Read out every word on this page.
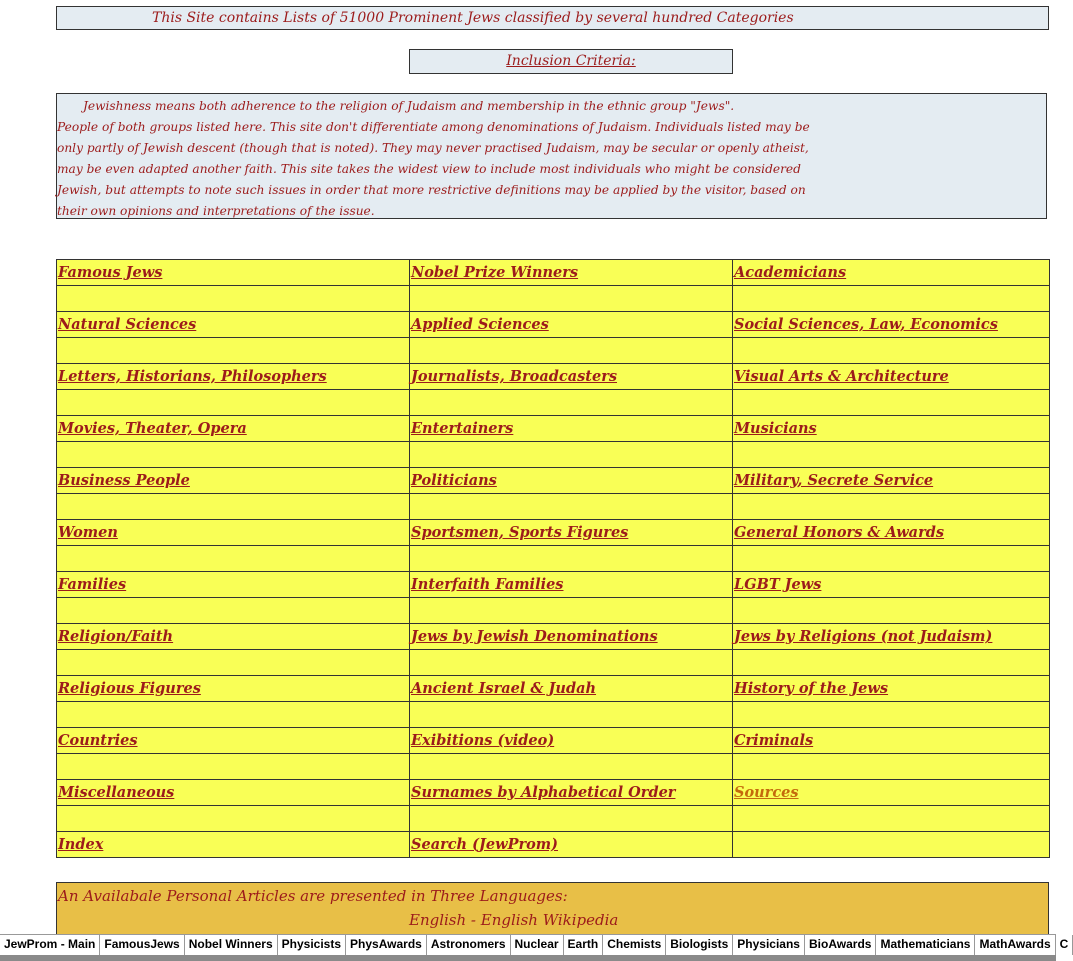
This Site contains Lists of 51000 Prominent Jews classified by several hundred Categories
Inclusion Criteria:
Jewishness means both adherence to the religion of Judaism and membership in the ethnic group "Jews".
People of both groups listed here. This site don't differentiate among denominations of Judaism. Individuals listed may be
only partly of Jewish descent (though that is noted). They may never practised Judaism, may be secular or openly atheist,
may be even adapted another faith. This site takes the widest view to include most individuals who might be considered
Jewish, but attempts to note such issues in order that more restrictive definitions may be applied by the visitor, based on
their own opinions and interpretations of the issue.
Famous Jews	Nobel Prize Winners	Academicians

Natural Sciences	Applied Sciences	Social Sciences, Law, Economics

Letters, Historians, Philosophers	Journalists, Broadcasters	Visual Arts & Architecture

Movies, Theater, Opera	Entertainers	Musicians

Business People	Politicians	Military, Secrete Service

Women	Sportsmen, Sports Figures	General Honors & Awards

Families	Interfaith Families	LGBT Jews

Religion/Faith	Jews by Jewish Denominations	Jews by Religions (not Judaism)

Religious Figures	Ancient Israel & Judah	History of the Jews

Countries	Exibitions (video)	Criminals

Miscellaneous	Surnames by Alphabetical Order	Sources

Index	Search (JewProm)	
An Availabale Personal Articles are presented in Three Languages:
English - English Wikipedia
JewProm - Main FamousJews Nobel Winners Physicists PhysAwards Astronomers Nuclear Earth Chemists Biologists Physicians BioAwards Mathematicians MathAwards C
